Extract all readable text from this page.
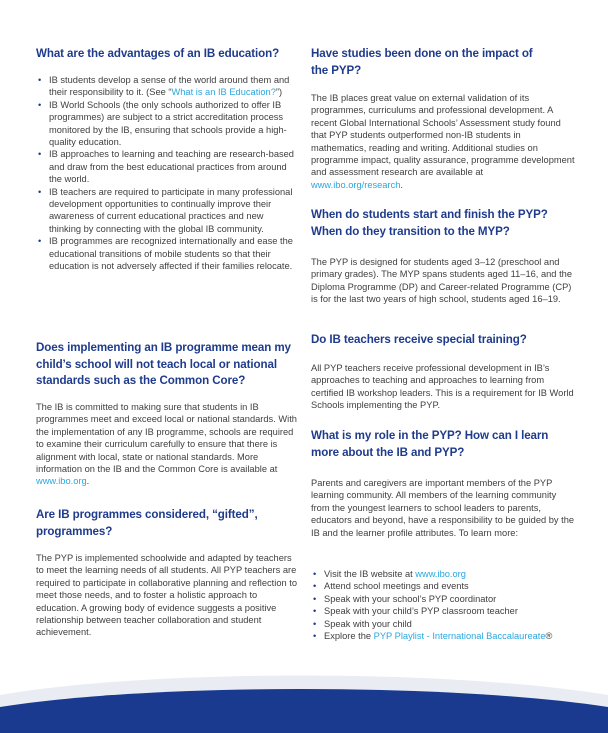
What are the advantages of an IB education?
• IB students develop a sense of the world around them and their responsibility to it. (See “What is an IB Education?”)
• IB World Schools (the only schools authorized to offer IB programmes) are subject to a strict accreditation process monitored by the IB, ensuring that schools provide a high-quality education.
• IB approaches to learning and teaching are research-based and draw from the best educational practices from around the world.
• IB teachers are required to participate in many professional development opportunities to continually improve their awareness of current educational practices and new thinking by connecting with the global IB community.
• IB programmes are recognized internationally and ease the educational transitions of mobile students so that their education is not adversely affected if their families relocate.
Does implementing an IB programme mean my child’s school will not teach local or national standards such as the Common Core?

The IB is committed to making sure that students in IB programmes meet and exceed local or national standards. With the implementation of any IB programme, schools are required to examine their curriculum carefully to ensure that there is alignment with local, state or national standards. More information on the IB and the Common Core is available at www.ibo.org.

Are IB programmes considered, “gifted”, programmes?

The PYP is implemented schoolwide and adapted by teachers to meet the learning needs of all students. All PYP teachers are required to participate in collaborative planning and reflection to meet those needs, and to foster a holistic approach to education. A growing body of evidence suggests a positive relationship between teacher collaboration and student achievement.

Have studies been done on the impact of the PYP?

The IB places great value on external validation of its programmes, curriculums and professional development. A recent Global International Schools’ Assessment study found that PYP students outperformed non-IB students in mathematics, reading and writing. Additional studies on programme impact, quality assurance, programme development and assessment research are available at www.ibo.org/research.

When do students start and finish the PYP? When do they transition to the MYP?

The PYP is designed for students aged 3–12 (preschool and primary grades). The MYP spans students aged 11–16, and the Diploma Programme (DP) and Career-related Programme (CP) is for the last two years of high school, students aged 16–19.

Do IB teachers receive special training?

All PYP teachers receive professional development in IB’s approaches to teaching and approaches to learning from certified IB workshop leaders. This is a requirement for IB World Schools implementing the PYP.

What is my role in the PYP? How can I learn more about the IB and PYP?

Parents and caregivers are important members of the PYP learning community. All members of the learning community from the youngest learners to school leaders to parents, educators and beyond, have a responsibility to be guided by the IB and the learner profile attributes. To learn more:

• Visit the IB website at www.ibo.org
• Attend school meetings and events
• Speak with your school’s PYP coordinator
• Speak with your child’s PYP classroom teacher
• Speak with your child
• Explore the PYP Playlist - International Baccalaureate®
